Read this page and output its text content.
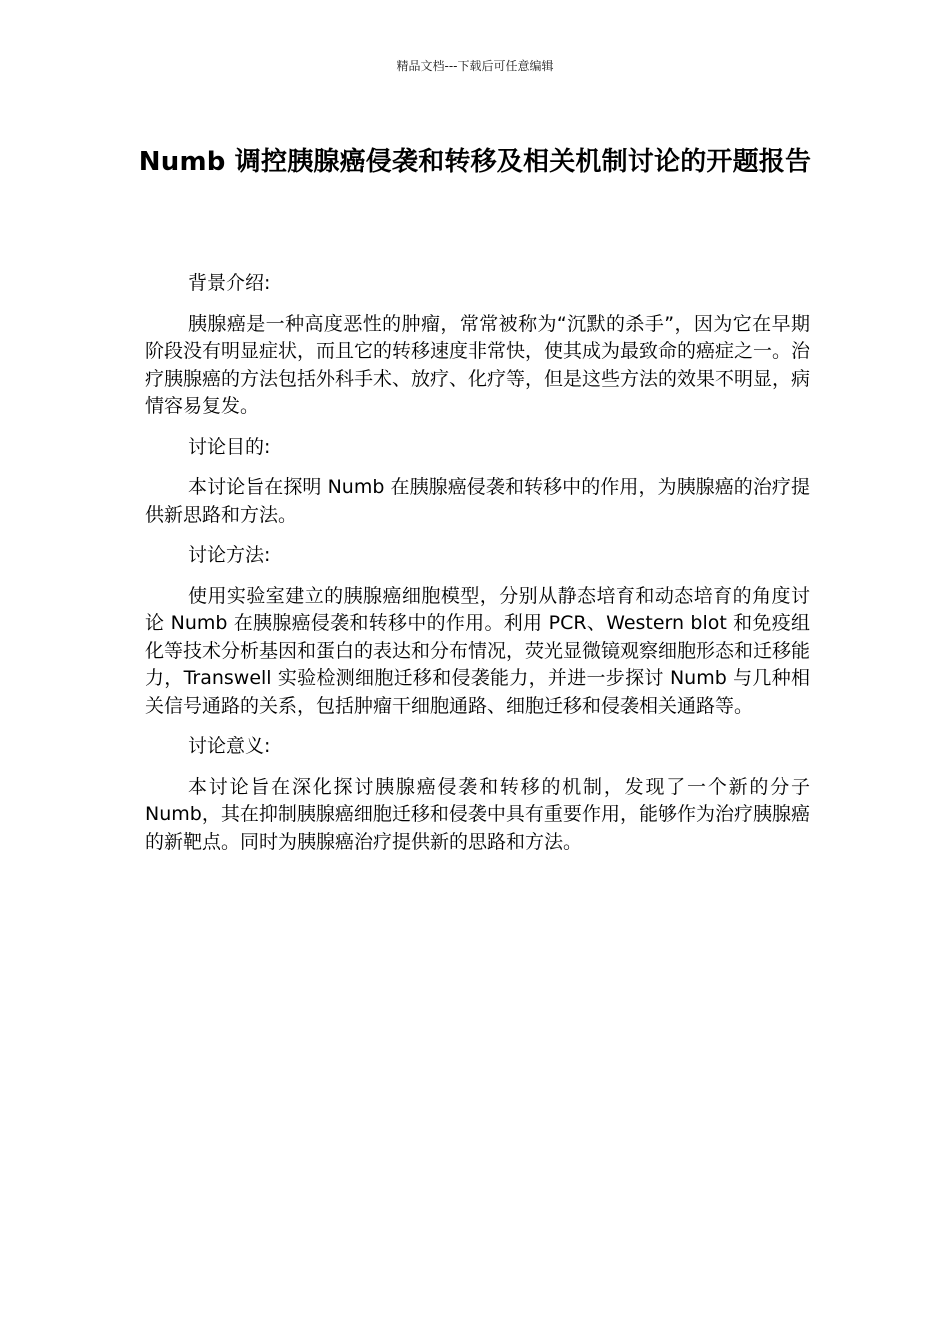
精品文档---下载后可任意编辑
Numb 调控胰腺癌侵袭和转移及相关机制讨论的开题报告

背景介绍:

胰腺癌是一种高度恶性的肿瘤，常常被称为“沉默的杀手”，因为它在早期阶段没有明显症状，而且它的转移速度非常快，使其成为最致命的癌症之一。治疗胰腺癌的方法包括外科手术、放疗、化疗等，但是这些方法的效果不明显，病情容易复发。

讨论目的:

本讨论旨在探明 Numb 在胰腺癌侵袭和转移中的作用，为胰腺癌的治疗提供新思路和方法。

讨论方法:

使用实验室建立的胰腺癌细胞模型，分别从静态培育和动态培育的角度讨论 Numb 在胰腺癌侵袭和转移中的作用。利用 PCR、Western blot 和免疫组化等技术分析基因和蛋白的表达和分布情况，荧光显微镜观察细胞形态和迁移能力，Transwell 实验检测细胞迁移和侵袭能力，并进一步探讨 Numb 与几种相关信号通路的关系，包括肿瘤干细胞通路、细胞迁移和侵袭相关通路等。

讨论意义:

本讨论旨在深化探讨胰腺癌侵袭和转移的机制，发现了一个新的分子 Numb，其在抑制胰腺癌细胞迁移和侵袭中具有重要作用，能够作为治疗胰腺癌的新靶点。同时为胰腺癌治疗提供新的思路和方法。
